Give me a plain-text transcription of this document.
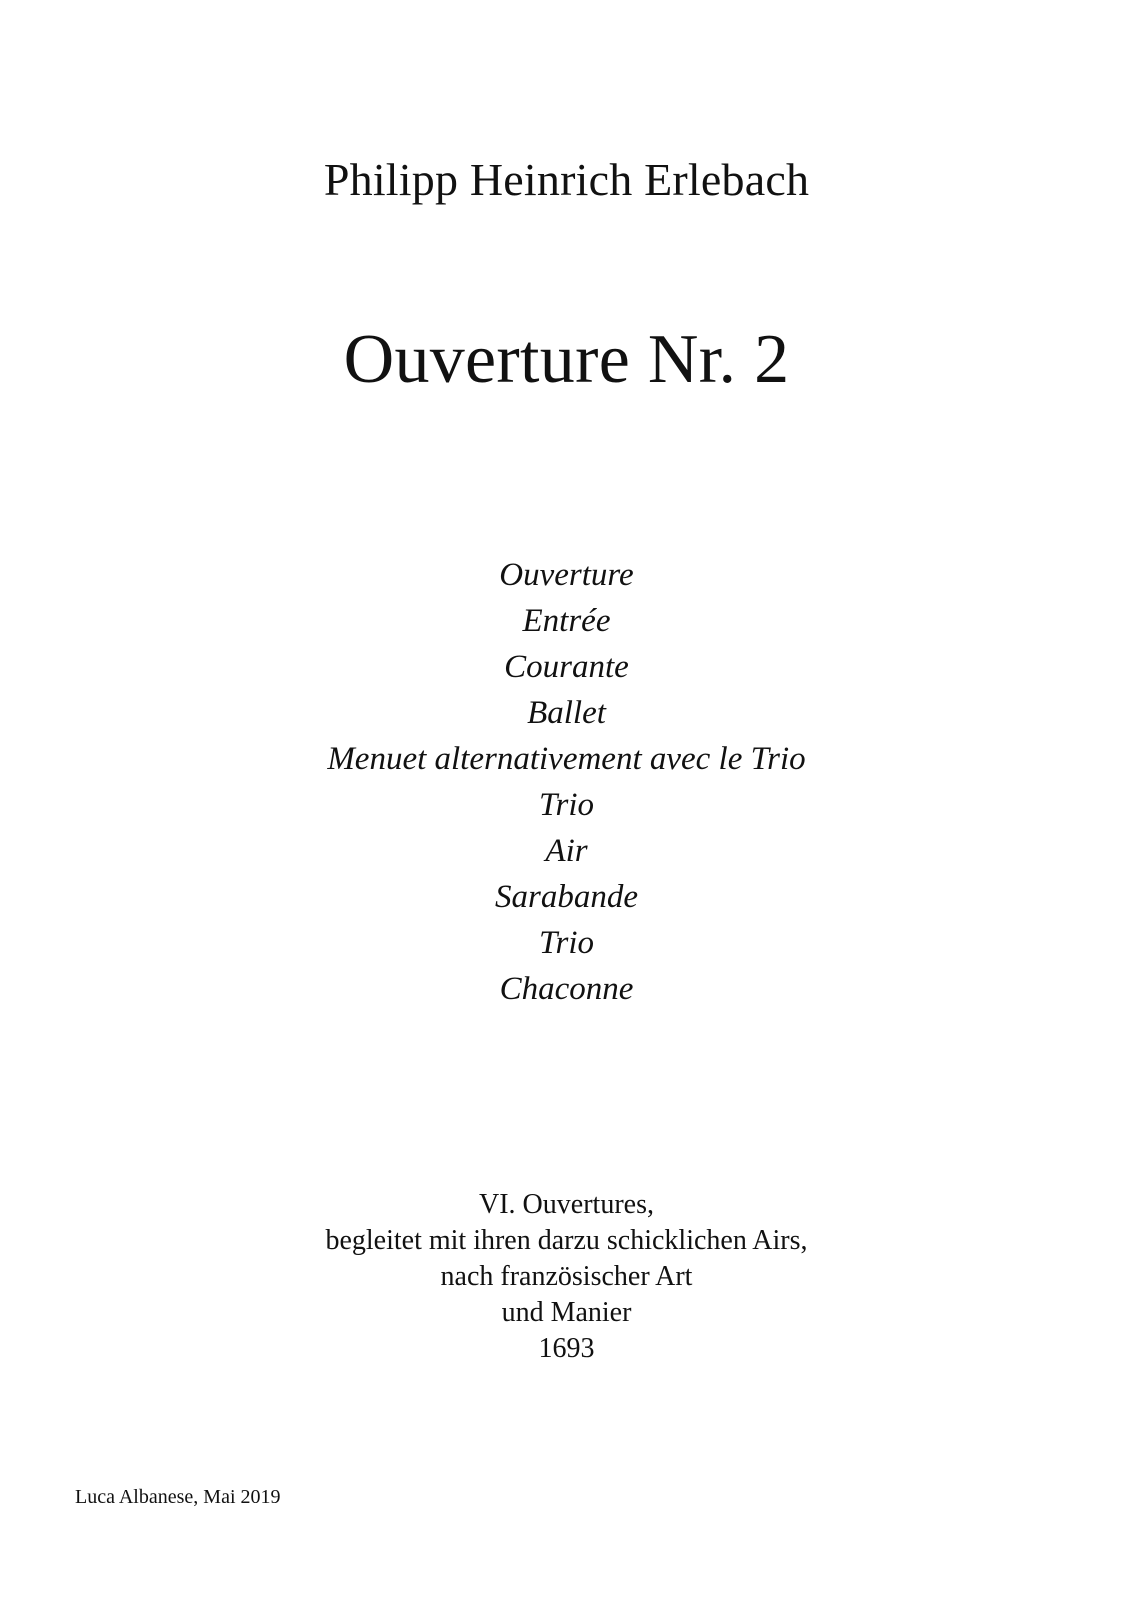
Philipp Heinrich Erlebach
Ouverture Nr. 2
Ouverture
Entrée
Courante
Ballet
Menuet alternativement avec le Trio
Trio
Air
Sarabande
Trio
Chaconne
VI. Ouvertures,
begleitet mit ihren darzu schicklichen Airs,
nach französischer Art
und Manier
1693
Luca Albanese, Mai 2019
